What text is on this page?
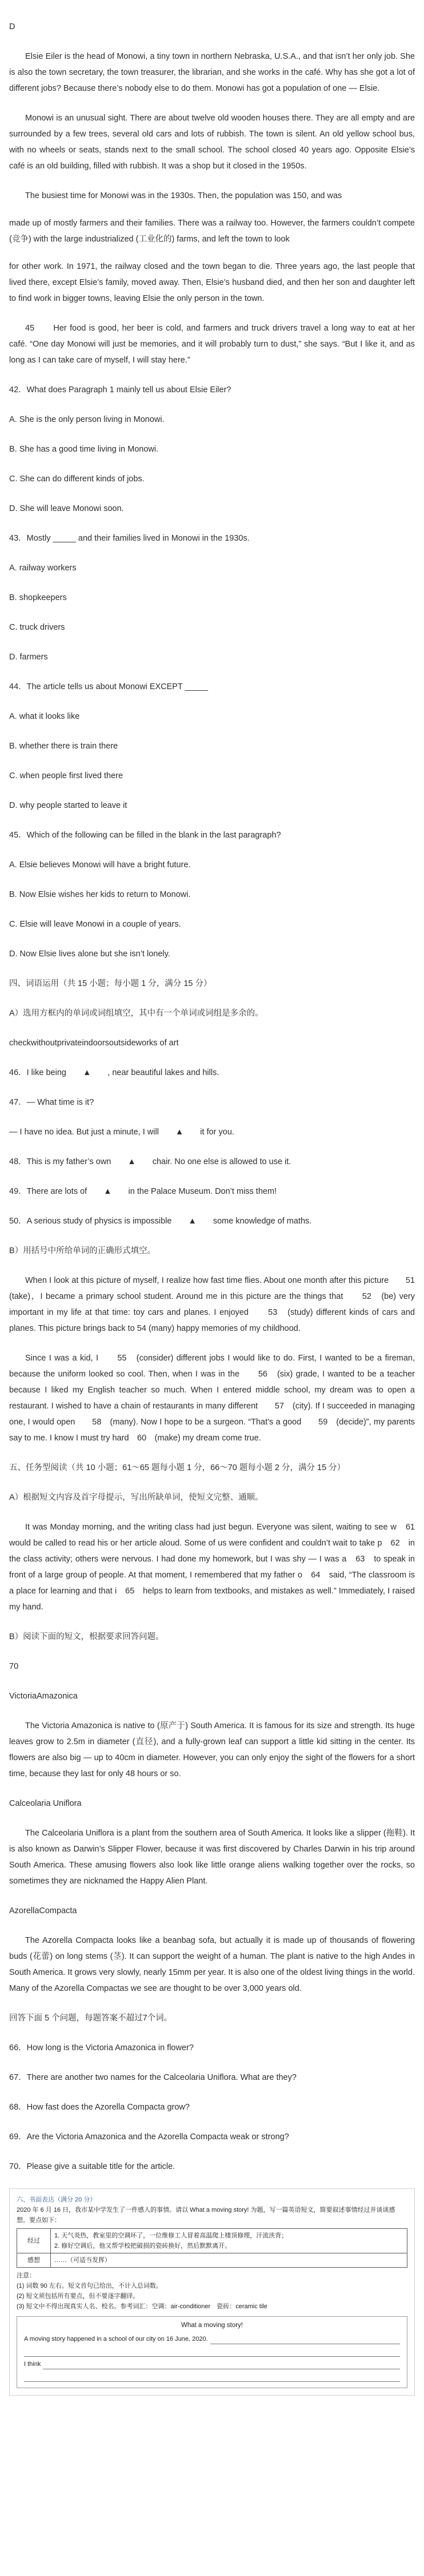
D
Elsie Eiler is the head of Monowi, a tiny town in northern Nebraska, U.S.A., and that isn’t her only job. She is also the town secretary, the town treasurer, the librarian, and she works in the café. Why has she got a lot of different jobs? Because there’s nobody else to do them. Monowi has got a population of one — Elsie.
Monowi is an unusual sight. There are about twelve old wooden houses there. They are all empty and are surrounded by a few trees, several old cars and lots of rubbish. The town is silent. An old yellow school bus, with no wheels or seats, stands next to the small school. The school closed 40 years ago. Opposite Elsie’s café is an old building, filled with rubbish. It was a shop but it closed in the 1950s.
The busiest time for Monowi was in the 1930s. Then, the population was 150, and was
made up of mostly farmers and their families. There was a railway too. However, the farmers couldn’t compete (竞争) with the large industrialized (工业化的) farms, and left the town to look
for other work. In 1971, the railway closed and the town began to die. Three years ago, the last people that lived there, except Elsie’s family, moved away. Then, Elsie’s husband died, and then her son and daughter left to find work in bigger towns, leaving Elsie the only person in the town.
45　　Her food is good, her beer is cold, and farmers and truck drivers travel a long way to eat at her café. “One day Monowi will just be memories, and it will probably turn to dust,” she says. “But I like it, and as long as I can take care of myself, I will stay here.”
42．What does Paragraph 1 mainly tell us about Elsie Eiler?
A. She is the only person living in Monowi.
B. She has a good time living in Monowi.
C. She can do different kinds of jobs.
D. She will leave Monowi soon.
43．Mostly _____ and their families lived in Monowi in the 1930s.
A. railway workers
B. shopkeepers
C. truck drivers
D. farmers
44．The article tells us about Monowi EXCEPT _____
A. what it looks like
B. whether there is train there
C. when people first lived there
D. why people started to leave it
45．Which of the following can be filled in the blank in the last paragraph?
A. Elsie believes Monowi will have a bright future.
B. Now Elsie wishes her kids to return to Monowi.
C. Elsie will leave Monowi in a couple of years.
D. Now Elsie lives alone but she isn’t lonely.
四、词语运用（共 15 小题；每小题 1 分，满分 15 分）
A）选用方框内的单词或词组填空，其中有一个单词或词组是多余的。
checkwithoutprivateindoorsoutsideworks of art
46．I like being　　▲　　, near beautiful lakes and hills.
47．— What time is it?
— I have no idea. But just a minute, I will　　▲　　it for you.
48．This is my father’s own　　▲　　chair. No one else is allowed to use it.
49．There are lots of　　▲　　in the Palace Museum. Don’t miss them!
50．A serious study of physics is impossible　　▲　　some knowledge of maths.
B）用括号中所给单词的正确形式填空。
When I look at this picture of myself, I realize how fast time flies. About one month after this picture　　51　(take)，I became a primary school student. Around me in this picture are the things that　　52　(be) very important in my life at that time: toy cars and planes. I enjoyed　　53　(study) different kinds of cars and planes. This picture brings back to 54 (many) happy memories of my childhood.
Since I was a kid, I　　55　(consider) different jobs I would like to do. First, I wanted to be a fireman, because the uniform looked so cool. Then, when I was in the　　56　(six) grade, I wanted to be a teacher because I liked my English teacher so much. When I entered middle school, my dream was to open a restaurant. I wished to have a chain of restaurants in many different　　57　(city). If I succeeded in managing one, I would open　　58　(many). Now I hope to be a surgeon. “That’s a good　　59　(decide)”, my parents say to me. I know I must try hard　60　(make) my dream come true.
五、任务型阅读（共 10 小题；61～65 题每小题 1 分，66～70 题每小题 2 分，满分 15 分）
A）根据短文内容及首字母提示，写出所缺单词，使短文完整、通顺。
It was Monday morning, and the writing class had just begun. Everyone was silent, waiting to see w　61　would be called to read his or her article aloud. Some of us were confident and couldn’t wait to take p　62　in the class activity; others were nervous. I had done my homework, but I was shy — I was a　63　to speak in front of a large group of people. At that moment, I remembered that my father o　64　said, “The classroom is a place for learning and that i　65　helps to learn from textbooks, and mistakes as well.” Immediately, I raised my hand.
B）阅读下面的短文，根据要求回答问题。
70
VictoriaAmazonica
The Victoria Amazonica is native to (原产于) South America. It is famous for its size and strength. Its huge leaves grow to 2.5m in diameter (直径), and a fully-grown leaf can support a little kid sitting in the center. Its flowers are also big — up to 40cm in diameter. However, you can only enjoy the sight of the flowers for a short time, because they last for only 48 hours or so.
Calceolaria Uniflora
The Calceolaria Uniflora is a plant from the southern area of South America. It looks like a slipper (拖鞋). It is also known as Darwin’s Slipper Flower, because it was first discovered by Charles Darwin in his trip around South America. These amusing flowers also look like little orange aliens walking together over the rocks, so sometimes they are nicknamed the Happy Alien Plant.
AzorellaCompacta
The Azorella Compacta looks like a beanbag sofa, but actually it is made up of thousands of flowering buds (花蕾) on long stems (茎). It can support the weight of a human. The plant is native to the high Andes in South America. It grows very slowly, nearly 15mm per year. It is also one of the oldest living things in the world. Many of the Azorella Compactas we see are thought to be over 3,000 years old.
回答下面 5 个问题，每题答案不超过7个词。
66．How long is the Victoria Amazonica in flower?
67．There are another two names for the Calceolaria Uniflora. What are they?
68．How fast does the Azorella Compacta grow?
69．Are the Victoria Amazonica and the Azorella Compacta weak or strong?
70．Please give a suitable title for the article.
六、书面表达（满分 20 分）
2020 年 6 月 16 日，我市某中学发生了一件感人的事情。请以 What a moving story! 为题，写一篇英语短文，简要叙述事情经过并谈谈感想。要点如下：
经过	1. 天气炎热，教室里的空调坏了，一位维修工人冒着高温爬上楼顶修理，汗流浃背；
2. 修好空调后，他又帮学校把破损的瓷砖换好，然后默默离开。

感想	……（可适当发挥）
注意：
(1) 词数 90 左右。短文首句已给出，不计入总词数。
(2) 短文须包括所有要点，但不要逐字翻译。
(3) 短文中不得出现真实人名、校名。参考词汇：空调：air-conditioner　瓷砖：ceramic tile
What a moving story!
A moving story happened in a school of our city on 16 June, 2020.
I think
